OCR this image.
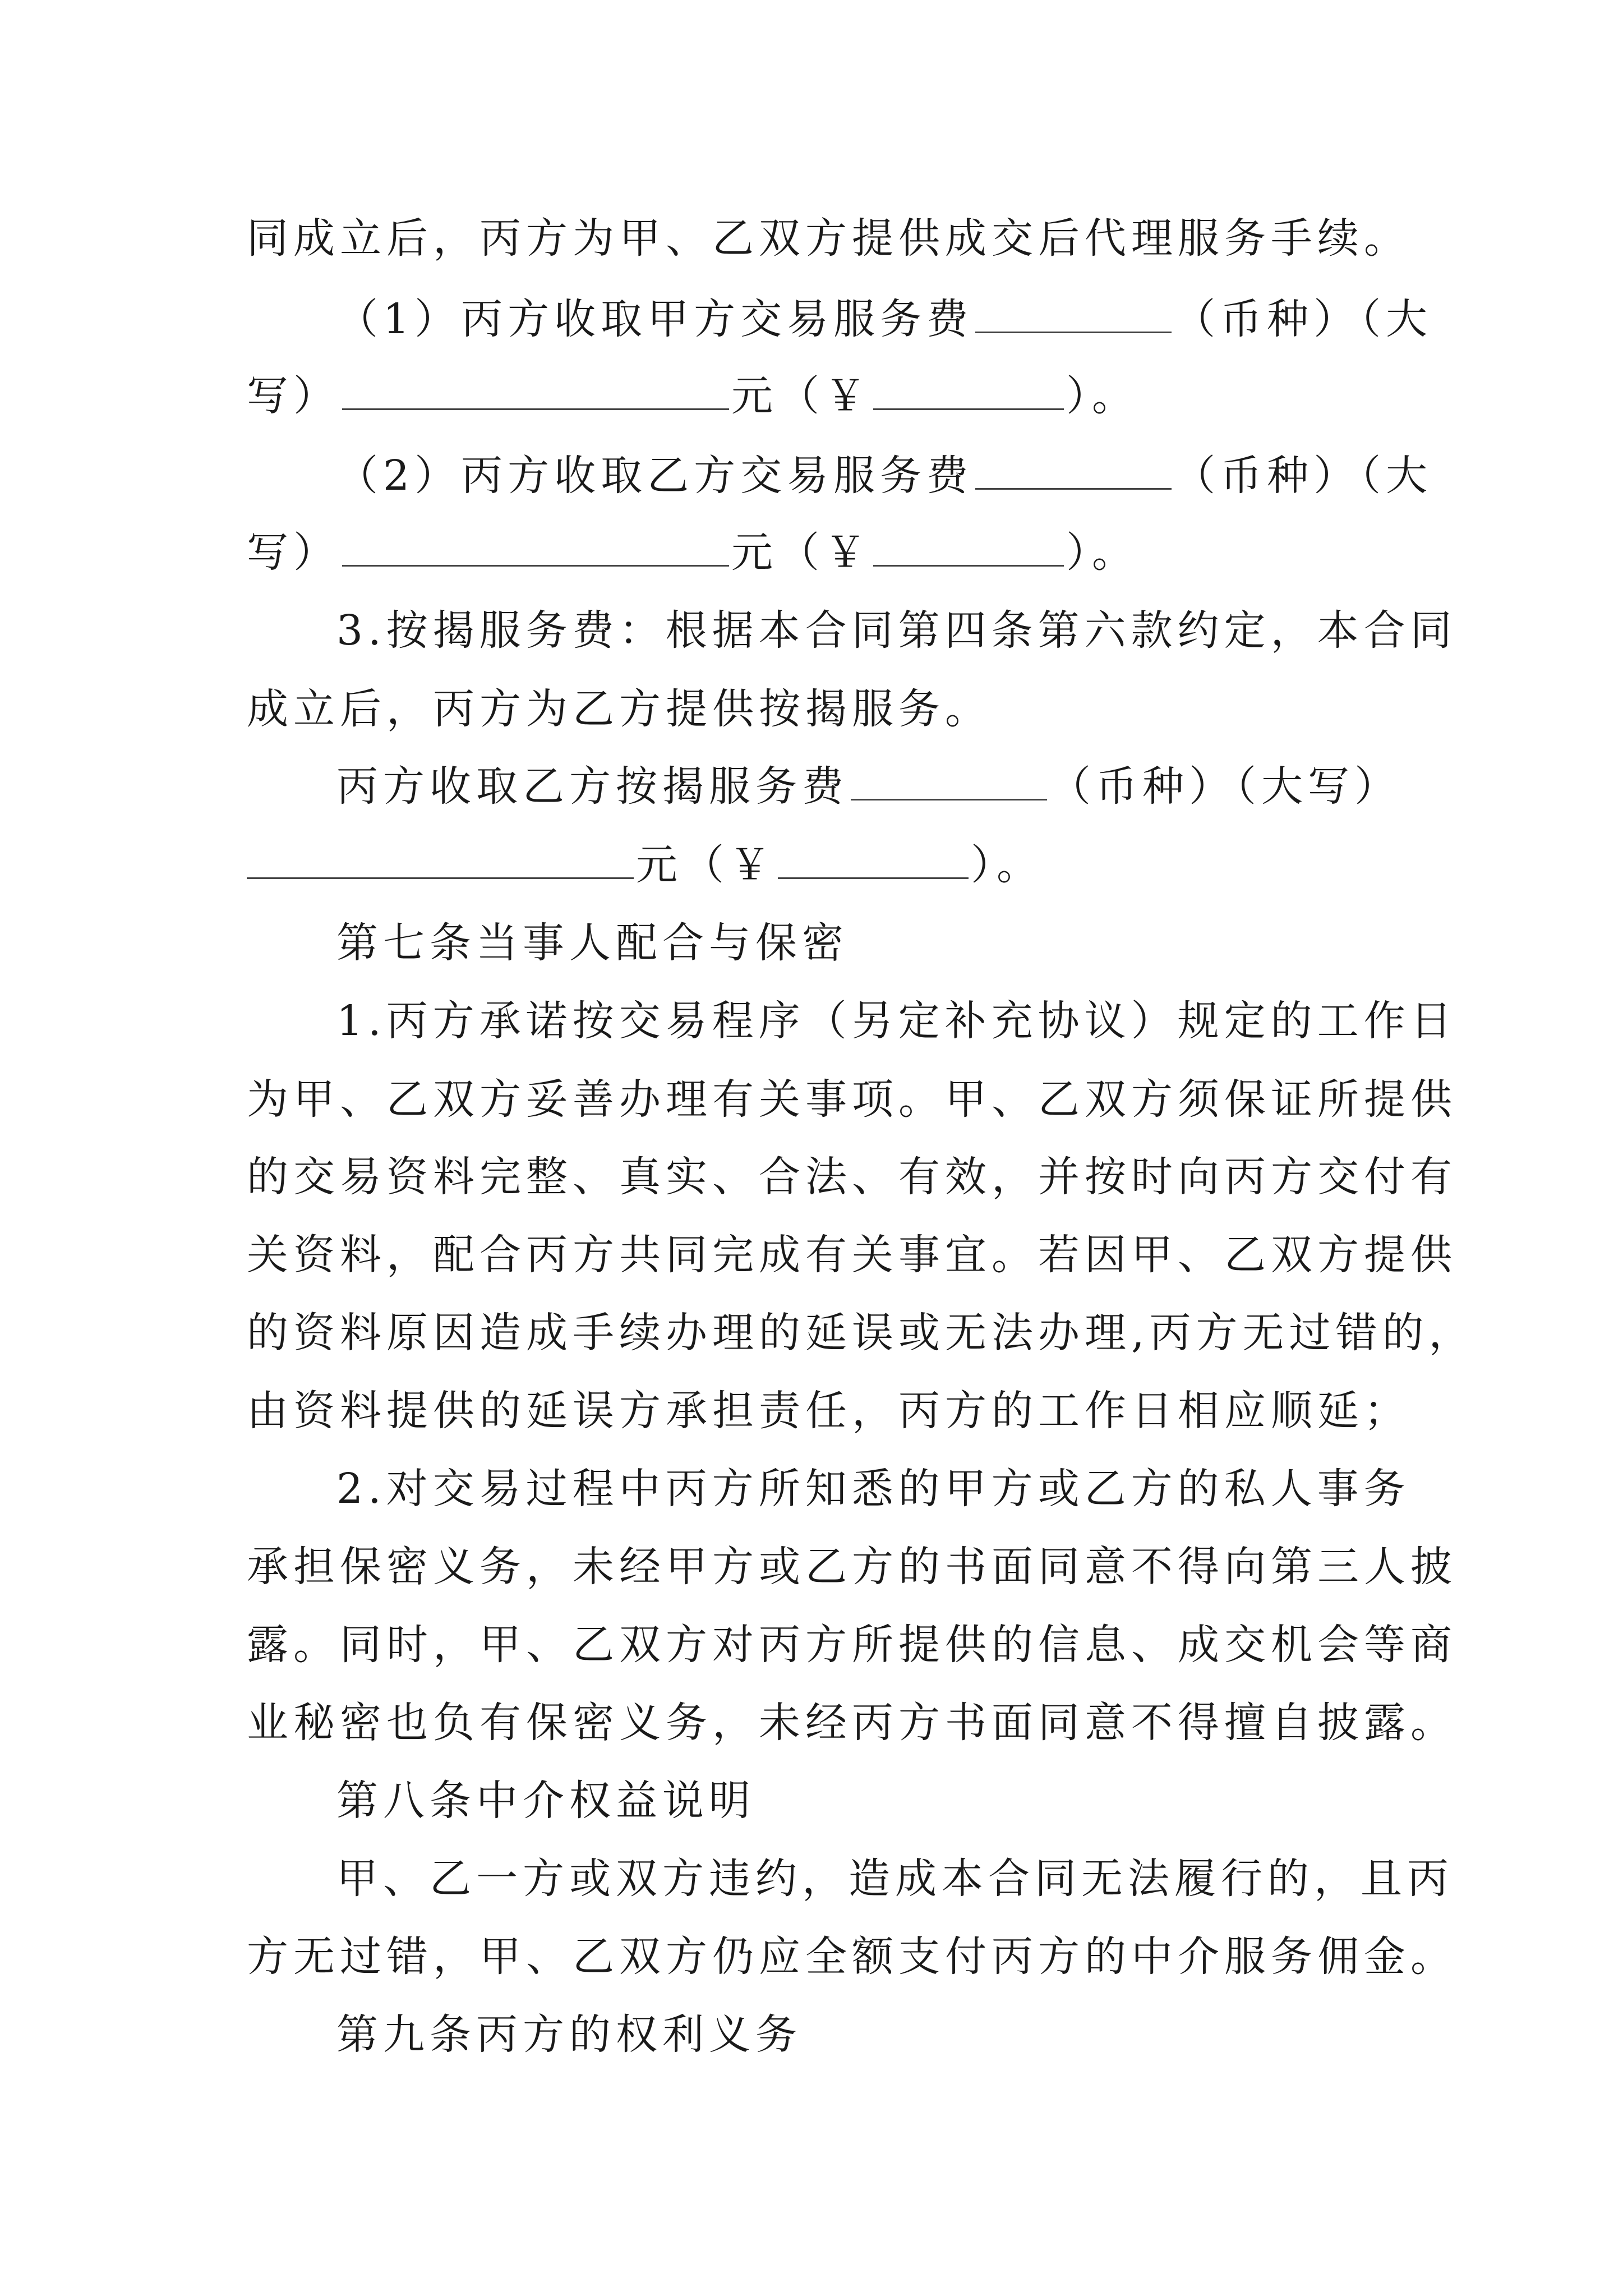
同成立后，丙方为甲、乙双方提供成交后代理服务手续。
（1）丙方收取甲方交易服务费	（币种）（大
写）	元（￥	）。
（2）丙方收取乙方交易服务费	（币种）（大
写）	元（￥	）。
3.按揭服务费：根据本合同第四条第六款约定，本合同
成立后，丙方为乙方提供按揭服务。
丙方收取乙方按揭服务费	（币种）（大写）
元（￥	）。
第七条当事人配合与保密
1.丙方承诺按交易程序（另定补充协议）规定的工作日
为甲、乙双方妥善办理有关事项。甲、乙双方须保证所提供
的交易资料完整、真实、合法、有效，并按时向丙方交付有
关资料，配合丙方共同完成有关事宜。若因甲、乙双方提供
的资料原因造成手续办理的延误或无法办理,丙方无过错的，
由资料提供的延误方承担责任，丙方的工作日相应顺延；
2.对交易过程中丙方所知悉的甲方或乙方的私人事务
承担保密义务，未经甲方或乙方的书面同意不得向第三人披
露。同时，甲、乙双方对丙方所提供的信息、成交机会等商
业秘密也负有保密义务，未经丙方书面同意不得擅自披露。
第八条中介权益说明
甲、乙一方或双方违约，造成本合同无法履行的，且丙
方无过错，甲、乙双方仍应全额支付丙方的中介服务佣金。
第九条丙方的权利义务
